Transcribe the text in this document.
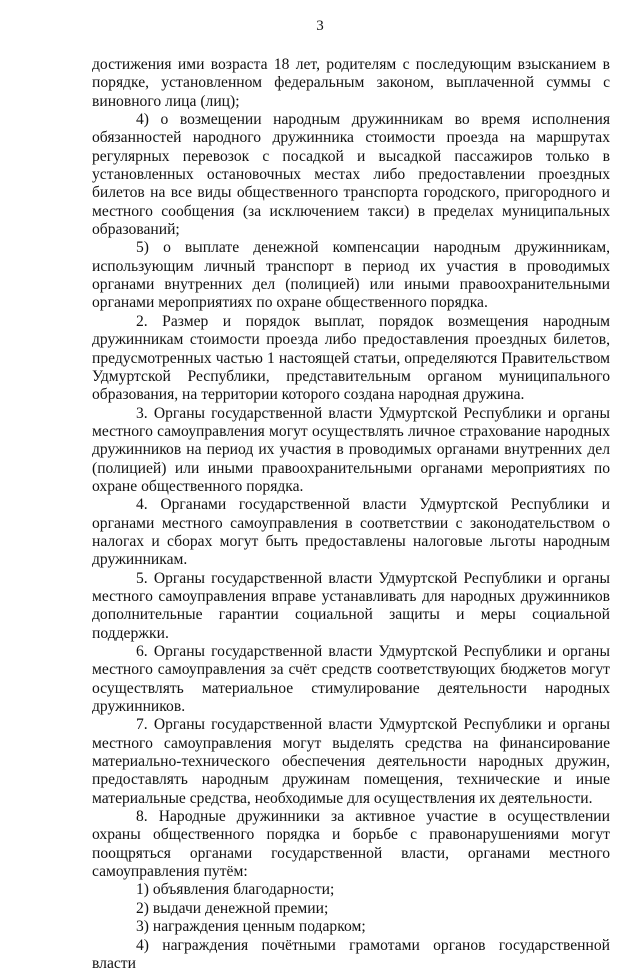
3

достижения ими возраста 18 лет, родителям с последующим взысканием в порядке, установленном федеральным законом, выплаченной суммы с виновного лица (лиц);

4) о возмещении народным дружинникам во время исполнения обязанностей народного дружинника стоимости проезда на маршрутах регулярных перевозок с посадкой и высадкой пассажиров только в установленных остановочных местах либо предоставлении проездных билетов на все виды общественного транспорта городского, пригородного и местного сообщения (за исключением такси) в пределах муниципальных образований;

5) о выплате денежной компенсации народным дружинникам, использующим личный транспорт в период их участия в проводимых органами внутренних дел (полицией) или иными правоохранительными органами мероприятиях по охране общественного порядка.

2. Размер и порядок выплат, порядок возмещения народным дружинникам стоимости проезда либо предоставления проездных билетов, предусмотренных частью 1 настоящей статьи, определяются Правительством Удмуртской Республики, представительным органом муниципального образования, на территории которого создана народная дружина.

3. Органы государственной власти Удмуртской Республики и органы местного самоуправления могут осуществлять личное страхование народных дружинников на период их участия в проводимых органами внутренних дел (полицией) или иными правоохранительными органами мероприятиях по охране общественного порядка.

4. Органами государственной власти Удмуртской Республики и органами местного самоуправления в соответствии с законодательством о налогах и сборах могут быть предоставлены налоговые льготы народным дружинникам.

5. Органы государственной власти Удмуртской Республики и органы местного самоуправления вправе устанавливать для народных дружинников дополнительные гарантии социальной защиты и меры социальной поддержки.

6. Органы государственной власти Удмуртской Республики и органы местного самоуправления за счёт средств соответствующих бюджетов могут осуществлять материальное стимулирование деятельности народных дружинников.

7. Органы государственной власти Удмуртской Республики и органы местного самоуправления могут выделять средства на финансирование материально-технического обеспечения деятельности народных дружин, предоставлять народным дружинам помещения, технические и иные материальные средства, необходимые для осуществления их деятельности.

8. Народные дружинники за активное участие в осуществлении охраны общественного порядка и борьбе с правонарушениями могут поощряться органами государственной власти, органами местного самоуправления путём:

1) объявления благодарности;

2) выдачи денежной премии;

3) награждения ценным подарком;

4) награждения почётными грамотами органов государственной власти
